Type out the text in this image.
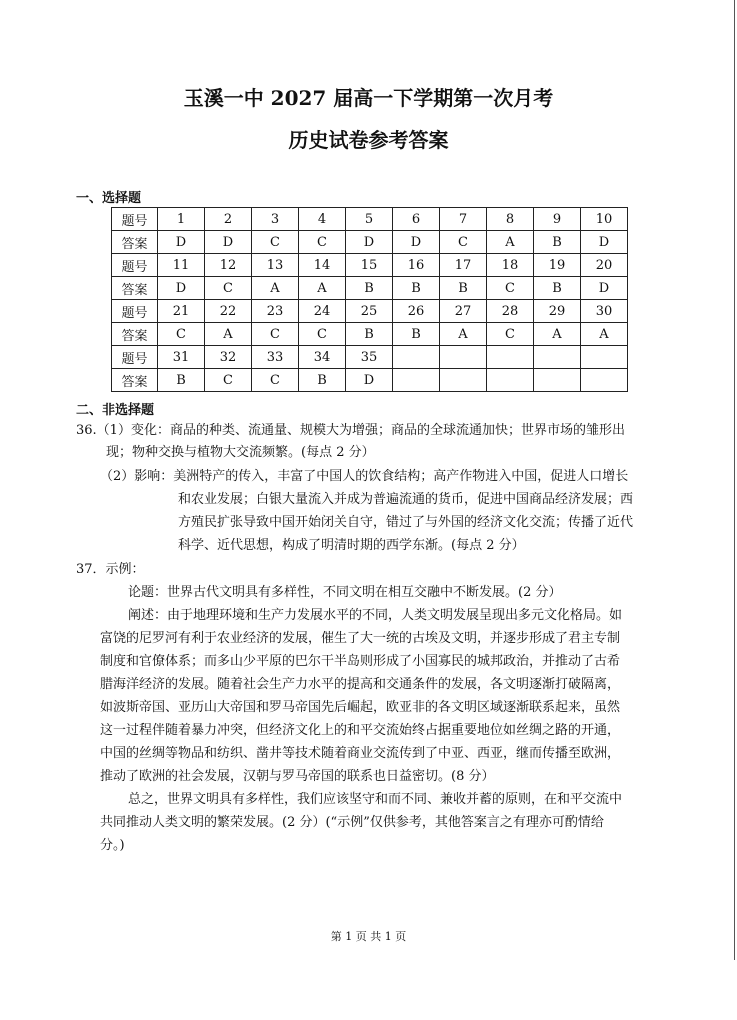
玉溪一中 2027 届高一下学期第一次月考
历史试卷参考答案
一、选择题
题号	1	2	3	4	5	6	7	8	9	10
答案	D	D	C	C	D	D	C	A	B	D
题号	11	12	13	14	15	16	17	18	19	20
答案	D	C	A	A	B	B	B	C	B	D
题号	21	22	23	24	25	26	27	28	29	30
答案	C	A	C	C	B	B	A	C	A	A
题号	31	32	33	34	35					
答案	B	C	C	B	D					
二、非选择题
36.（1）变化：商品的种类、流通量、规模大为增强；商品的全球流通加快；世界市场的雏形出
现；物种交换与植物大交流频繁。(每点 2 分）
（2）影响：美洲特产的传入，丰富了中国人的饮食结构；高产作物进入中国，促进人口增长
和农业发展；白银大量流入并成为普遍流通的货币，促进中国商品经济发展；西
方殖民扩张导致中国开始闭关自守，错过了与外国的经济文化交流；传播了近代
科学、近代思想，构成了明清时期的西学东渐。(每点 2 分）
37．示例：
论题：世界古代文明具有多样性，不同文明在相互交融中不断发展。(2 分）
阐述：由于地理环境和生产力发展水平的不同，人类文明发展呈现出多元文化格局。如
富饶的尼罗河有利于农业经济的发展，催生了大一统的古埃及文明，并逐步形成了君主专制
制度和官僚体系；而多山少平原的巴尔干半岛则形成了小国寡民的城邦政治，并推动了古希
腊海洋经济的发展。随着社会生产力水平的提高和交通条件的发展，各文明逐渐打破隔离，
如波斯帝国、亚历山大帝国和罗马帝国先后崛起，欧亚非的各文明区域逐渐联系起来，虽然
这一过程伴随着暴力冲突，但经济文化上的和平交流始终占据重要地位如丝绸之路的开通，
中国的丝绸等物品和纺织、凿井等技术随着商业交流传到了中亚、西亚，继而传播至欧洲，
推动了欧洲的社会发展，汉朝与罗马帝国的联系也日益密切。(8 分）
总之，世界文明具有多样性，我们应该坚守和而不同、兼收并蓄的原则，在和平交流中
共同推动人类文明的繁荣发展。(2 分）(“示例”仅供参考，其他答案言之有理亦可酌情给
分。)
第 1 页 共 1 页
